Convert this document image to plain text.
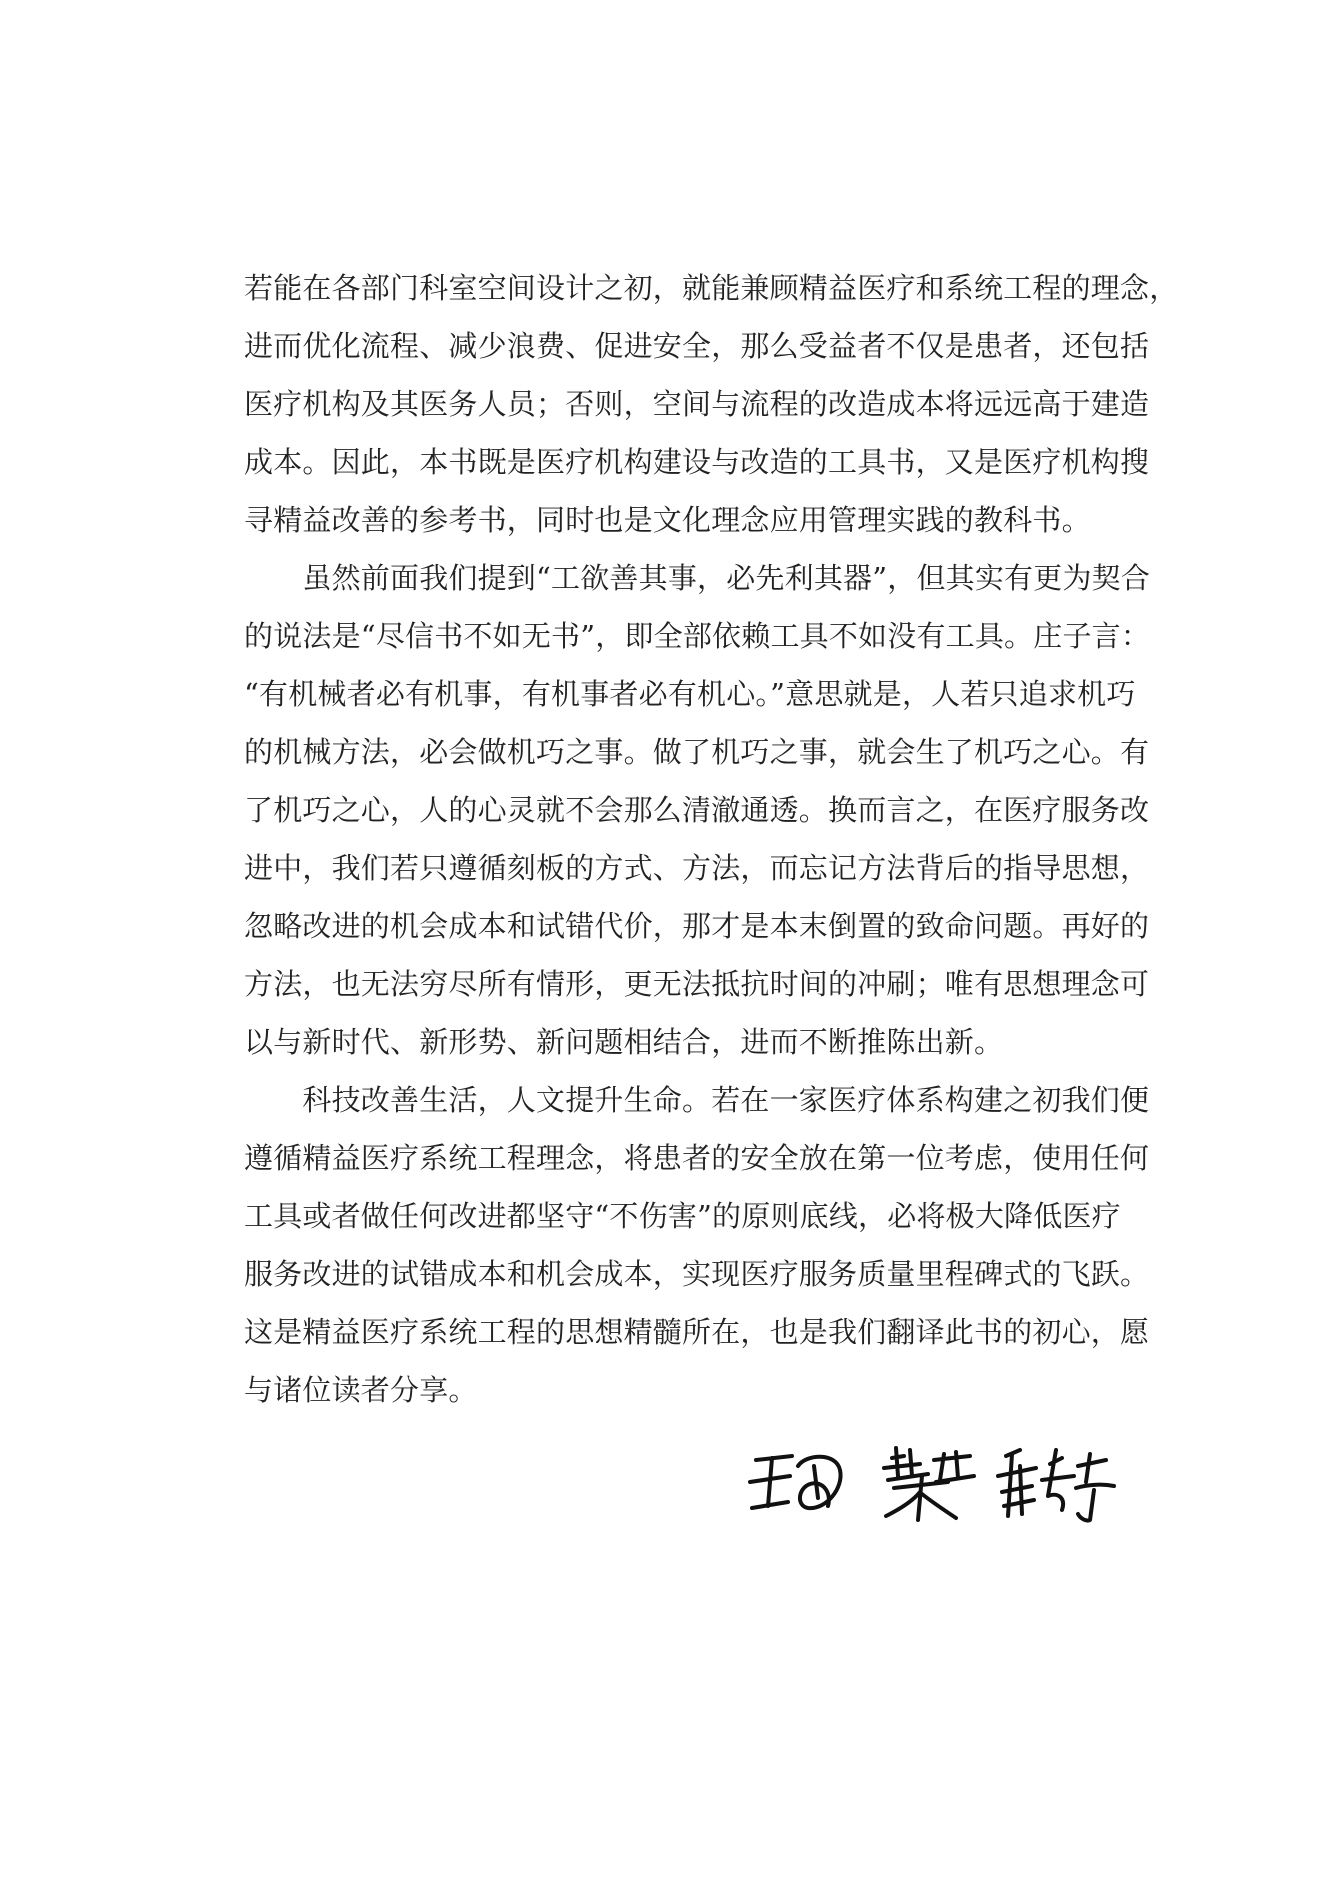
若能在各部门科室空间设计之初，就能兼顾精益医疗和系统工程的理念，
进而优化流程、减少浪费、促进安全，那么受益者不仅是患者，还包括
医疗机构及其医务人员；否则，空间与流程的改造成本将远远高于建造
成本。因此，本书既是医疗机构建设与改造的工具书，又是医疗机构搜
寻精益改善的参考书，同时也是文化理念应用管理实践的教科书。
　　虽然前面我们提到“工欲善其事，必先利其器”，但其实有更为契合
的说法是“尽信书不如无书”，即全部依赖工具不如没有工具。庄子言：
“有机械者必有机事，有机事者必有机心。”意思就是，人若只追求机巧
的机械方法，必会做机巧之事。做了机巧之事，就会生了机巧之心。有
了机巧之心，人的心灵就不会那么清澈通透。换而言之，在医疗服务改
进中，我们若只遵循刻板的方式、方法，而忘记方法背后的指导思想，
忽略改进的机会成本和试错代价，那才是本末倒置的致命问题。再好的
方法，也无法穷尽所有情形，更无法抵抗时间的冲刷；唯有思想理念可
以与新时代、新形势、新问题相结合，进而不断推陈出新。
　　科技改善生活，人文提升生命。若在一家医疗体系构建之初我们便
遵循精益医疗系统工程理念，将患者的安全放在第一位考虑，使用任何
工具或者做任何改进都坚守“不伤害”的原则底线，必将极大降低医疗
服务改进的试错成本和机会成本，实现医疗服务质量里程碑式的飞跃。
这是精益医疗系统工程的思想精髓所在，也是我们翻译此书的初心，愿
与诸位读者分享。
